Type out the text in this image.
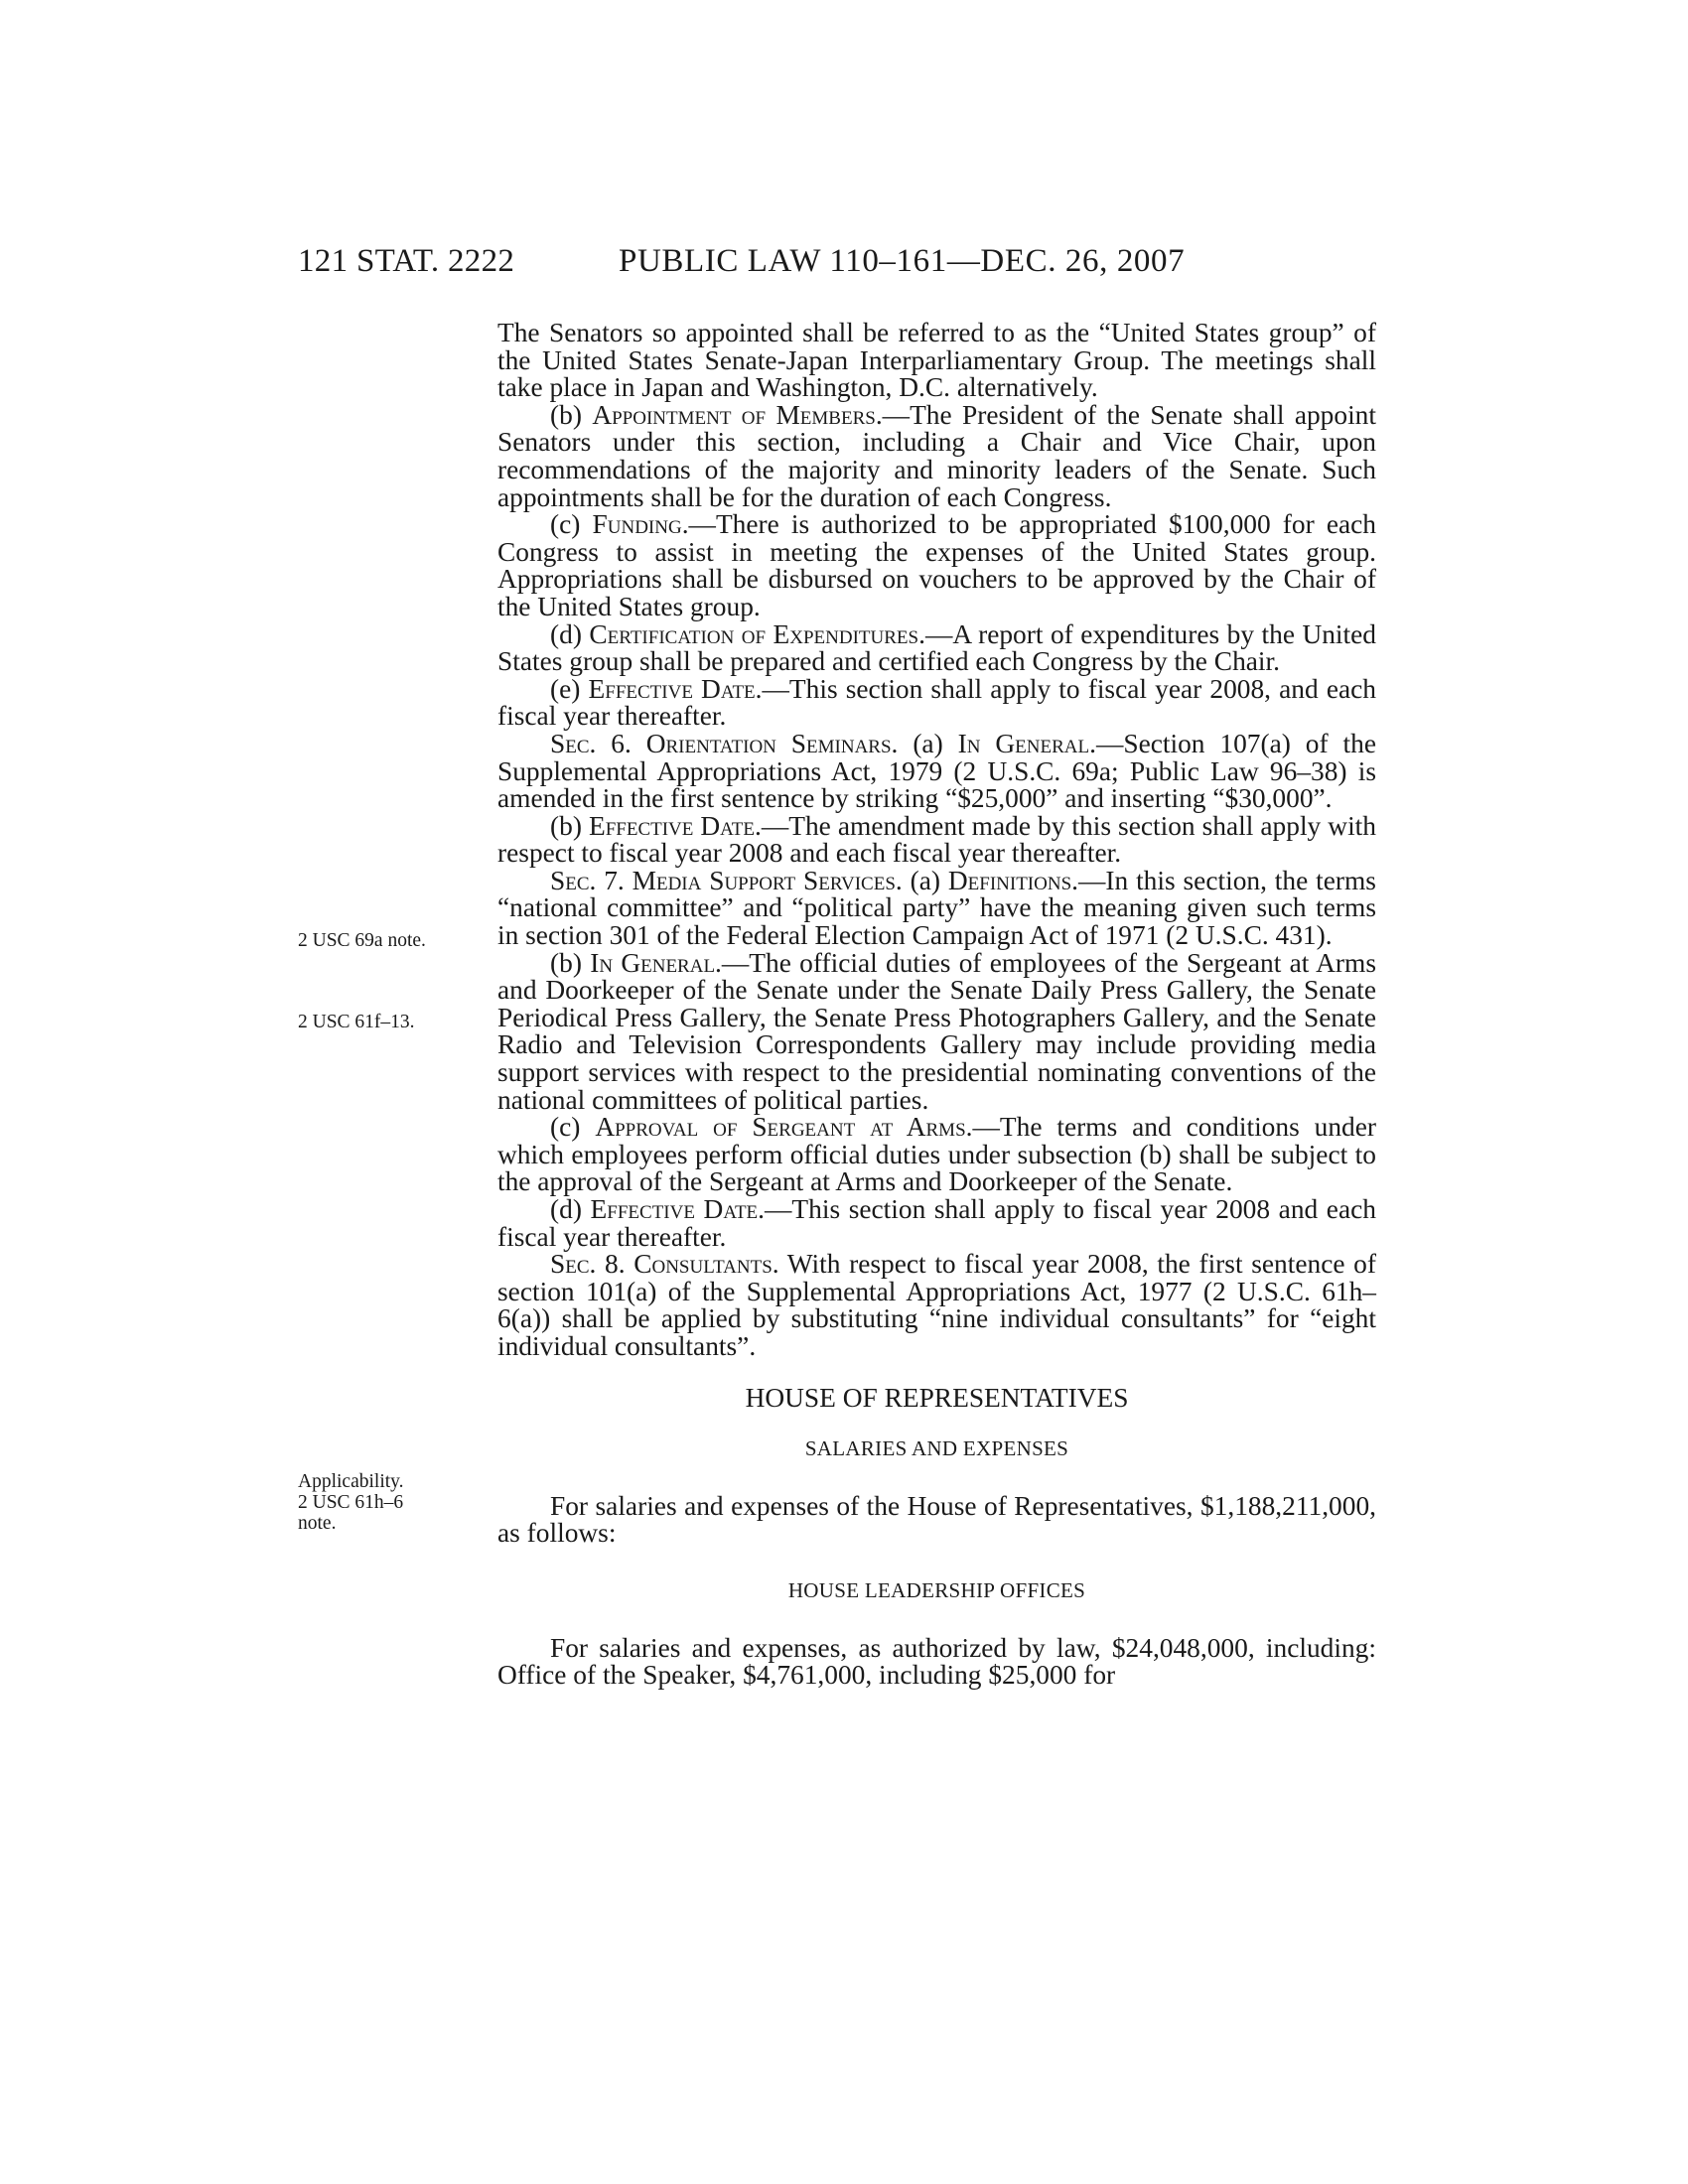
121 STAT. 2222	PUBLIC LAW 110–161—DEC. 26, 2007
2 USC 69a note.
2 USC 61f–13.
Applicability.
2 USC 61h–6
note.

The Senators so appointed shall be referred to as the “United States group” of the United States Senate-Japan Interparliamentary Group. The meetings shall take place in Japan and Washington, D.C. alternatively.

(b) Appointment of Members.—The President of the Senate shall appoint Senators under this section, including a Chair and Vice Chair, upon recommendations of the majority and minority leaders of the Senate. Such appointments shall be for the duration of each Congress.

(c) Funding.—There is authorized to be appropriated $100,000 for each Congress to assist in meeting the expenses of the United States group. Appropriations shall be disbursed on vouchers to be approved by the Chair of the United States group.

(d) Certification of Expenditures.—A report of expenditures by the United States group shall be prepared and certified each Congress by the Chair.

(e) Effective Date.—This section shall apply to fiscal year 2008, and each fiscal year thereafter.

Sec. 6. Orientation Seminars. (a) In General.—Section 107(a) of the Supplemental Appropriations Act, 1979 (2 U.S.C. 69a; Public Law 96–38) is amended in the first sentence by striking “$25,000” and inserting “$30,000”.

(b) Effective Date.—The amendment made by this section shall apply with respect to fiscal year 2008 and each fiscal year thereafter.

Sec. 7. Media Support Services. (a) Definitions.—In this section, the terms “national committee” and “political party” have the meaning given such terms in section 301 of the Federal Election Campaign Act of 1971 (2 U.S.C. 431).

(b) In General.—The official duties of employees of the Sergeant at Arms and Doorkeeper of the Senate under the Senate Daily Press Gallery, the Senate Periodical Press Gallery, the Senate Press Photographers Gallery, and the Senate Radio and Television Correspondents Gallery may include providing media support services with respect to the presidential nominating conventions of the national committees of political parties.

(c) Approval of Sergeant at Arms.—The terms and conditions under which employees perform official duties under subsection (b) shall be subject to the approval of the Sergeant at Arms and Doorkeeper of the Senate.

(d) Effective Date.—This section shall apply to fiscal year 2008 and each fiscal year thereafter.

Sec. 8. Consultants. With respect to fiscal year 2008, the first sentence of section 101(a) of the Supplemental Appropriations Act, 1977 (2 U.S.C. 61h–6(a)) shall be applied by substituting “nine individual consultants” for “eight individual consultants”.

HOUSE OF REPRESENTATIVES

SALARIES AND EXPENSES

For salaries and expenses of the House of Representatives, $1,188,211,000, as follows:

HOUSE LEADERSHIP OFFICES

For salaries and expenses, as authorized by law, $24,048,000, including: Office of the Speaker, $4,761,000, including $25,000 for
